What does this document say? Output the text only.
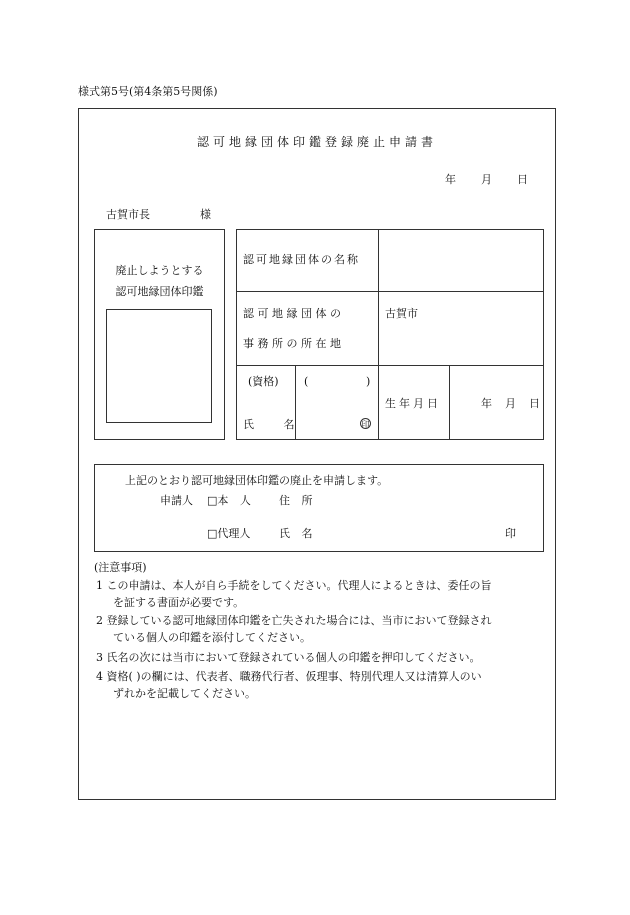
様式第5号(第4条第5号関係)
認可地縁団体印鑑登録廃止申請書
年 月 日
古賀市長	様
廃止しようとする
認可地縁団体印鑑
認可地縁団体の名称
認 可 地 縁 団 体 の
事 務 所 の 所 在 地
古賀市
(資格) (	)
氏 名	印
生年月日	年 月 日
上記のとおり認可地縁団体印鑑の廃止を申請します。
申請人 □本 人	住 所
□代理人	氏 名	印
(注意事項)
1 この申請は、本人が自ら手続をしてください。代理人によるときは、委任の旨
を証する書面が必要です。
2 登録している認可地縁団体印鑑を亡失された場合には、当市において登録され
ている個人の印鑑を添付してください。
3 氏名の次には当市において登録されている個人の印鑑を押印してください。
4 資格( )の欄には、代表者、職務代行者、仮理事、特別代理人又は清算人のい
ずれかを記載してください。
